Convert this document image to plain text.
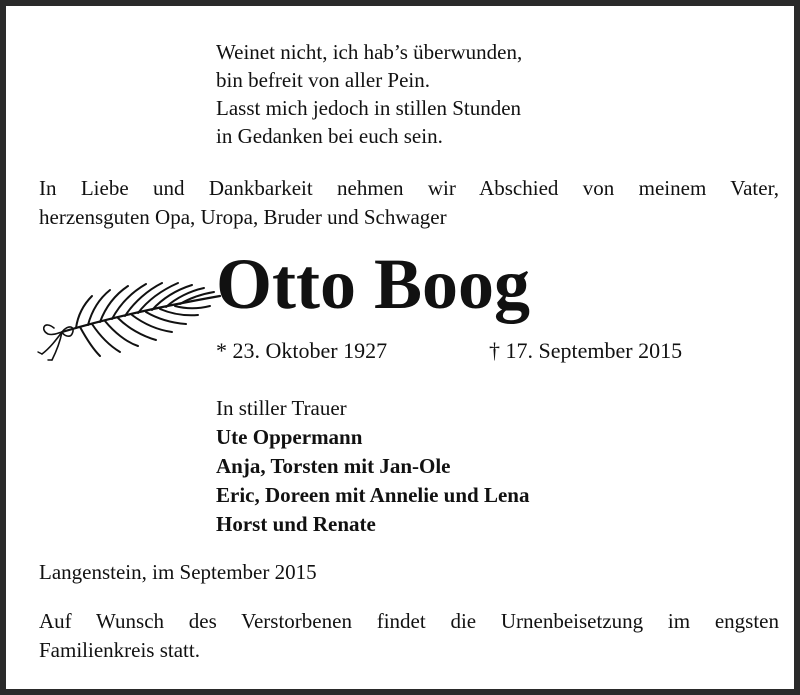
Weinet nicht, ich hab’s überwunden,
bin befreit von aller Pein.
Lasst mich jedoch in stillen Stunden
in Gedanken bei euch sein.
In Liebe und Dankbarkeit nehmen wir Abschied von meinem Vater,
herzensguten Opa, Uropa, Bruder und Schwager
Otto Boog
* 23. Oktober 1927	† 17. September 2015
In stiller Trauer
Ute Oppermann
Anja, Torsten mit Jan-Ole
Eric, Doreen mit Annelie und Lena
Horst und Renate
Langenstein, im September 2015
Auf Wunsch des Verstorbenen findet die Urnenbeisetzung im engsten
Familienkreis statt.
